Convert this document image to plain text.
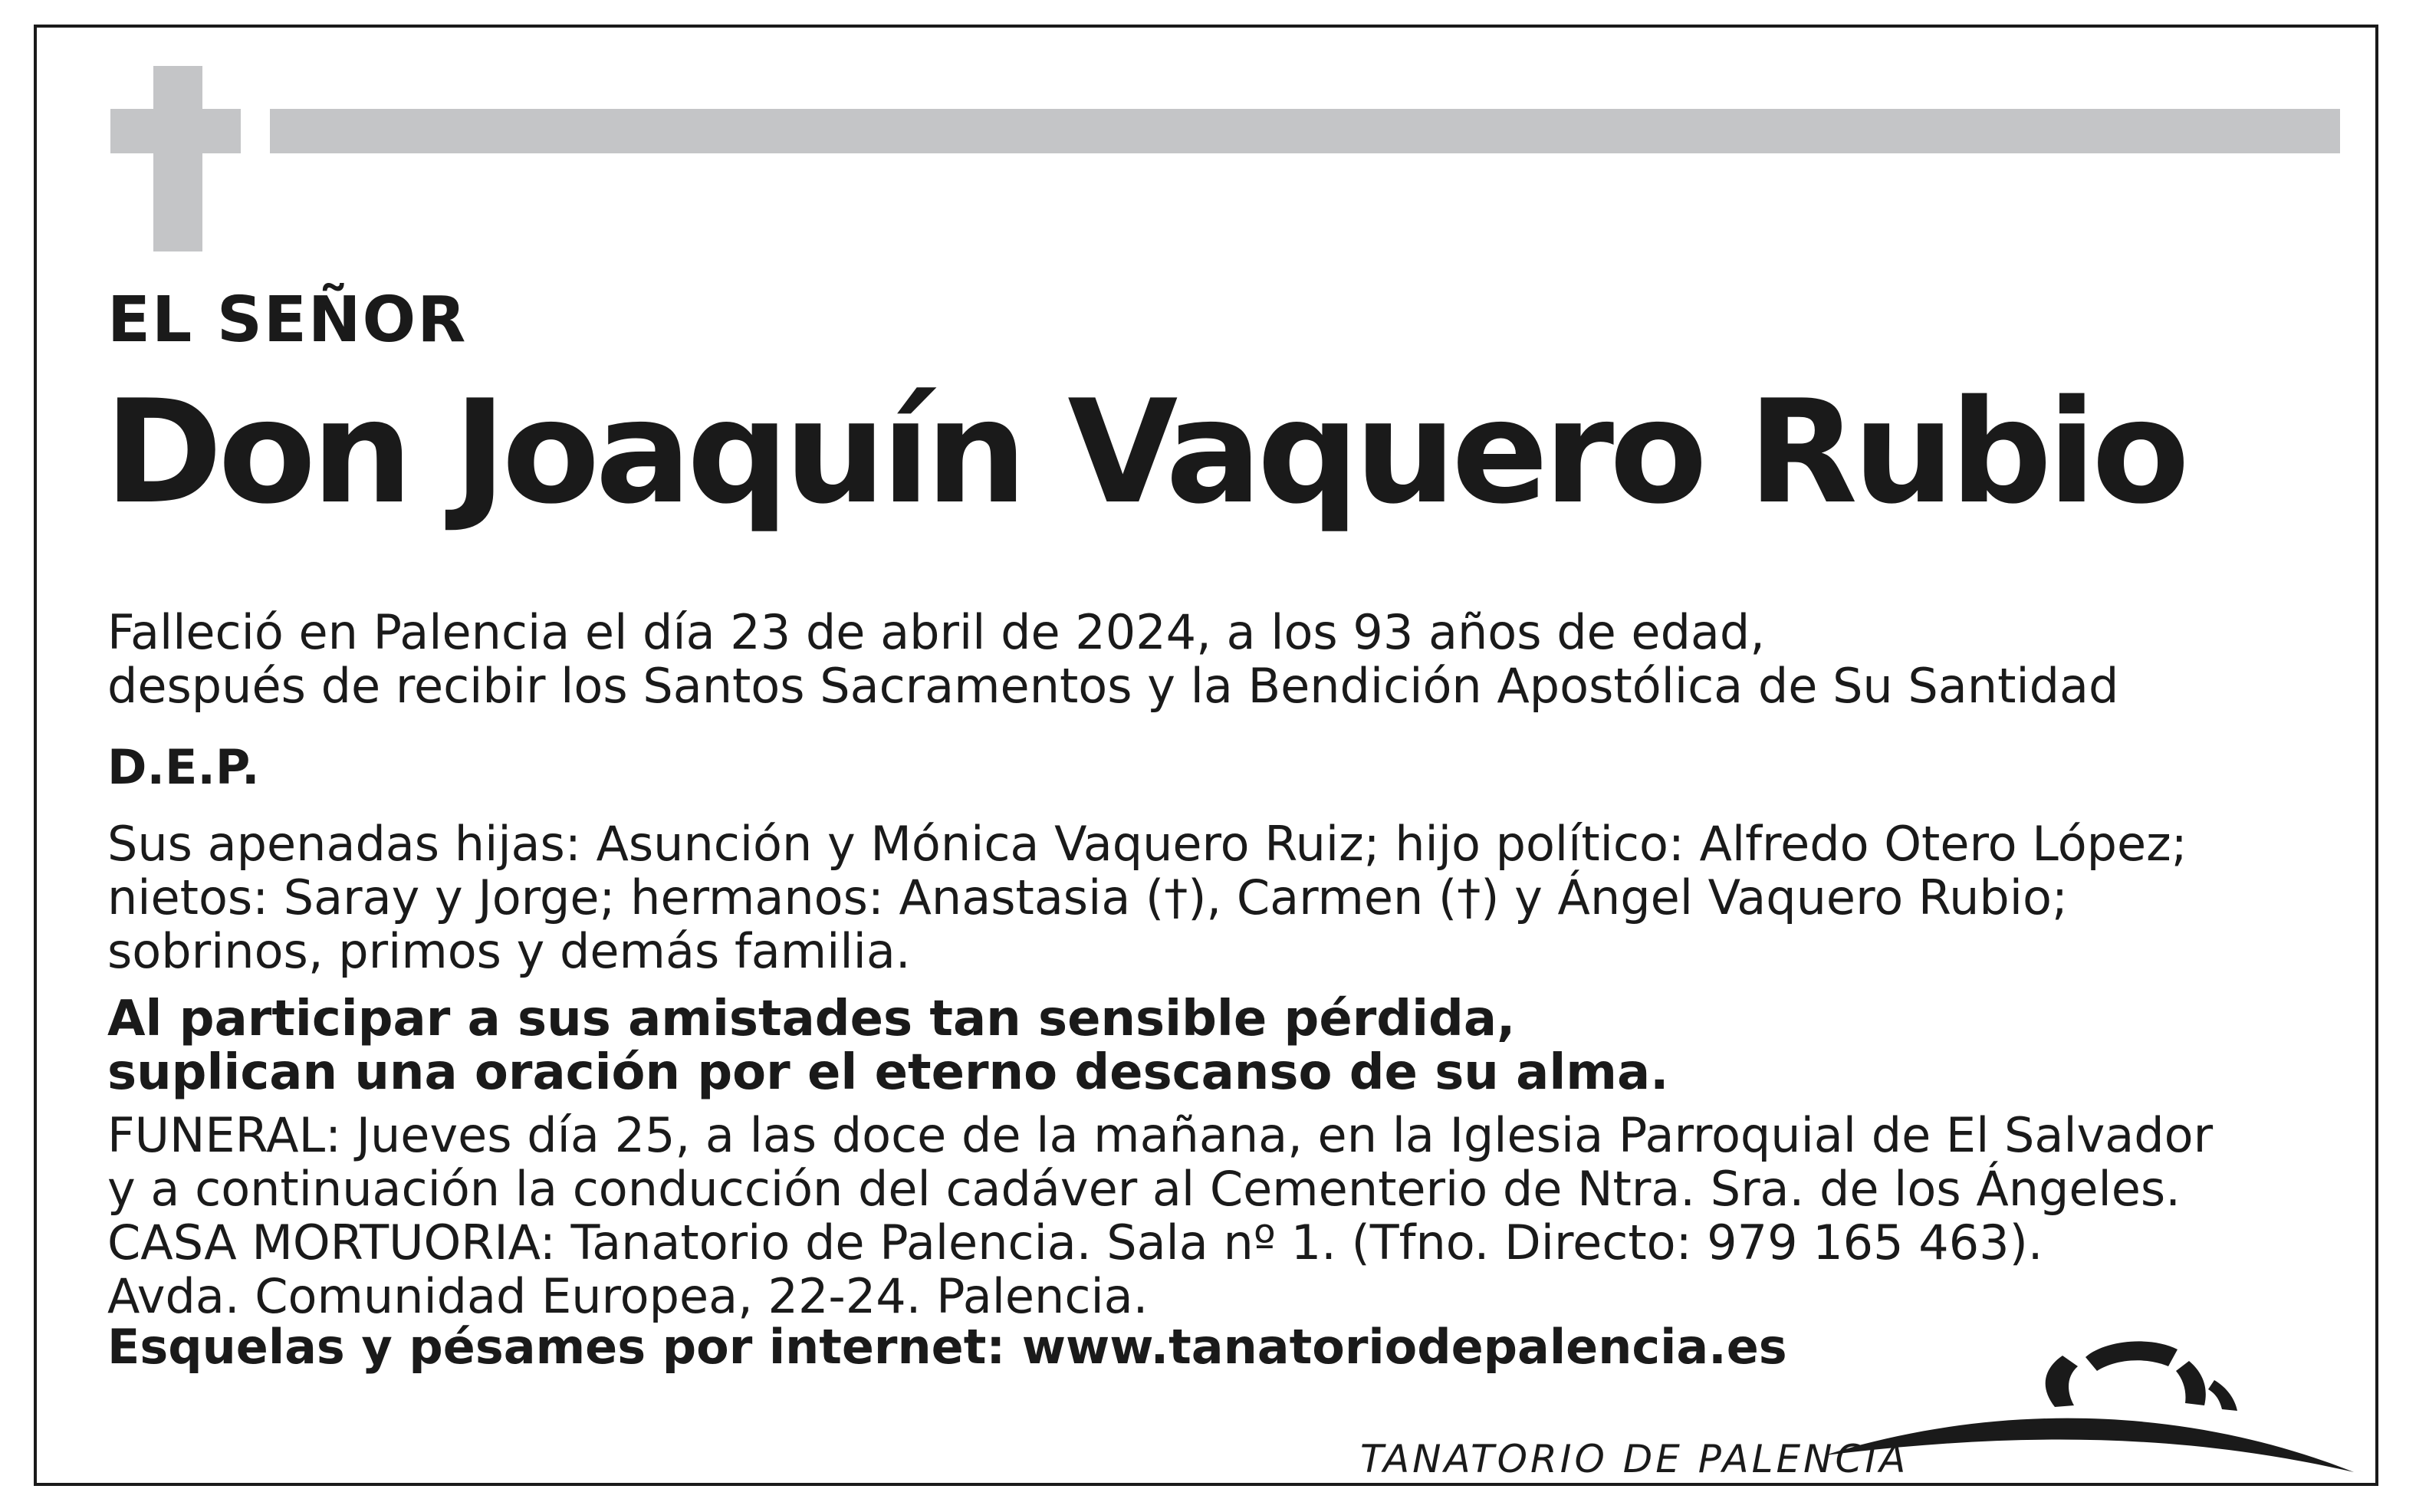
EL SEÑOR
Don Joaquín Vaquero Rubio
Falleció en Palencia el día 23 de abril de 2024, a los 93 años de edad,
después de recibir los Santos Sacramentos y la Bendición Apostólica de Su Santidad
D.E.P.
Sus apenadas hijas: Asunción y Mónica Vaquero Ruiz; hijo político: Alfredo Otero López;
nietos: Saray y Jorge; hermanos: Anastasia (†), Carmen (†) y Ángel Vaquero Rubio;
sobrinos, primos y demás familia.
Al participar a sus amistades tan sensible pérdida,
suplican una oración por el eterno descanso de su alma.
FUNERAL: Jueves día 25, a las doce de la mañana, en la Iglesia Parroquial de El Salvador
y a continuación la conducción del cadáver al Cementerio de Ntra. Sra. de los Ángeles.
CASA MORTUORIA: Tanatorio de Palencia. Sala nº 1. (Tfno. Directo: 979 165 463).
Avda. Comunidad Europea, 22-24. Palencia.
Esquelas y pésames por internet: www.tanatoriodepalencia.es
TANATORIO DE PALENCIA
